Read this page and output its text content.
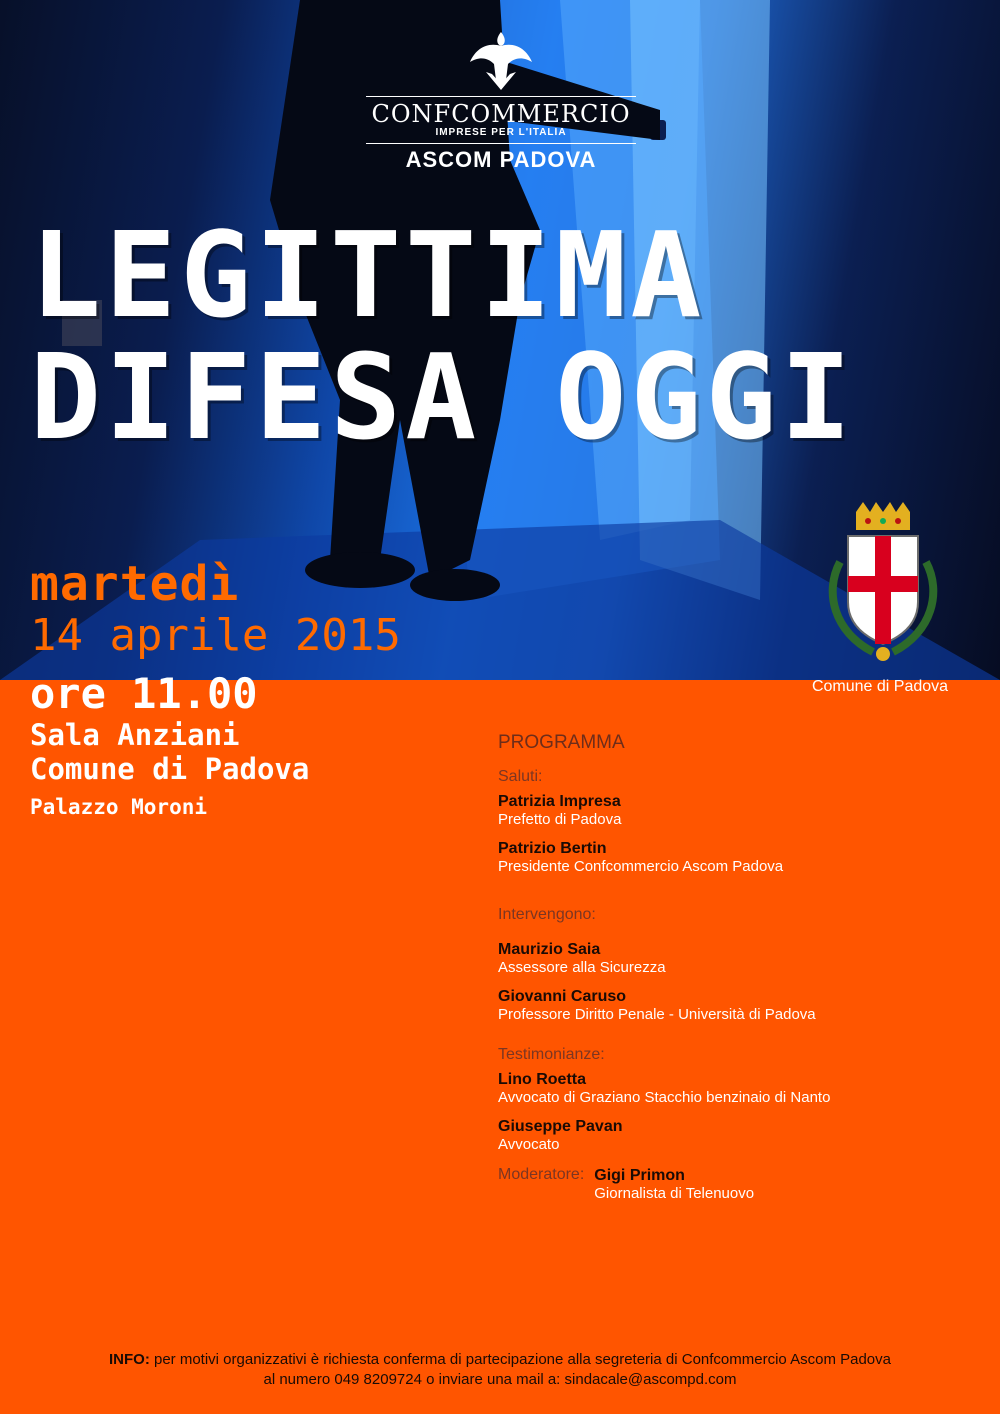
CONFCOMMERCIO
IMPRESE PER L'ITALIA
ASCOM PADOVA
LEGITTIMA
DIFESA OGGI
martedì
14 aprile 2015
ore 11.00
Sala Anziani
Comune di Padova
Palazzo Moroni
Comune di Padova
PROGRAMMA
Saluti:
Patrizia Impresa
Prefetto di Padova
Patrizio Bertin
Presidente Confcommercio Ascom Padova
Intervengono:
Maurizio Saia
Assessore alla Sicurezza
Giovanni Caruso
Professore Diritto Penale - Università di Padova
Testimonianze:
Lino Roetta
Avvocato di Graziano Stacchio benzinaio di Nanto
Giuseppe Pavan
Avvocato
Moderatore: Gigi Primon
Giornalista di Telenuovo
INFO: per motivi organizzativi è richiesta conferma di partecipazione alla segreteria di Confcommercio Ascom Padova
al numero 049 8209724 o inviare una mail a: sindacale@ascompd.com
